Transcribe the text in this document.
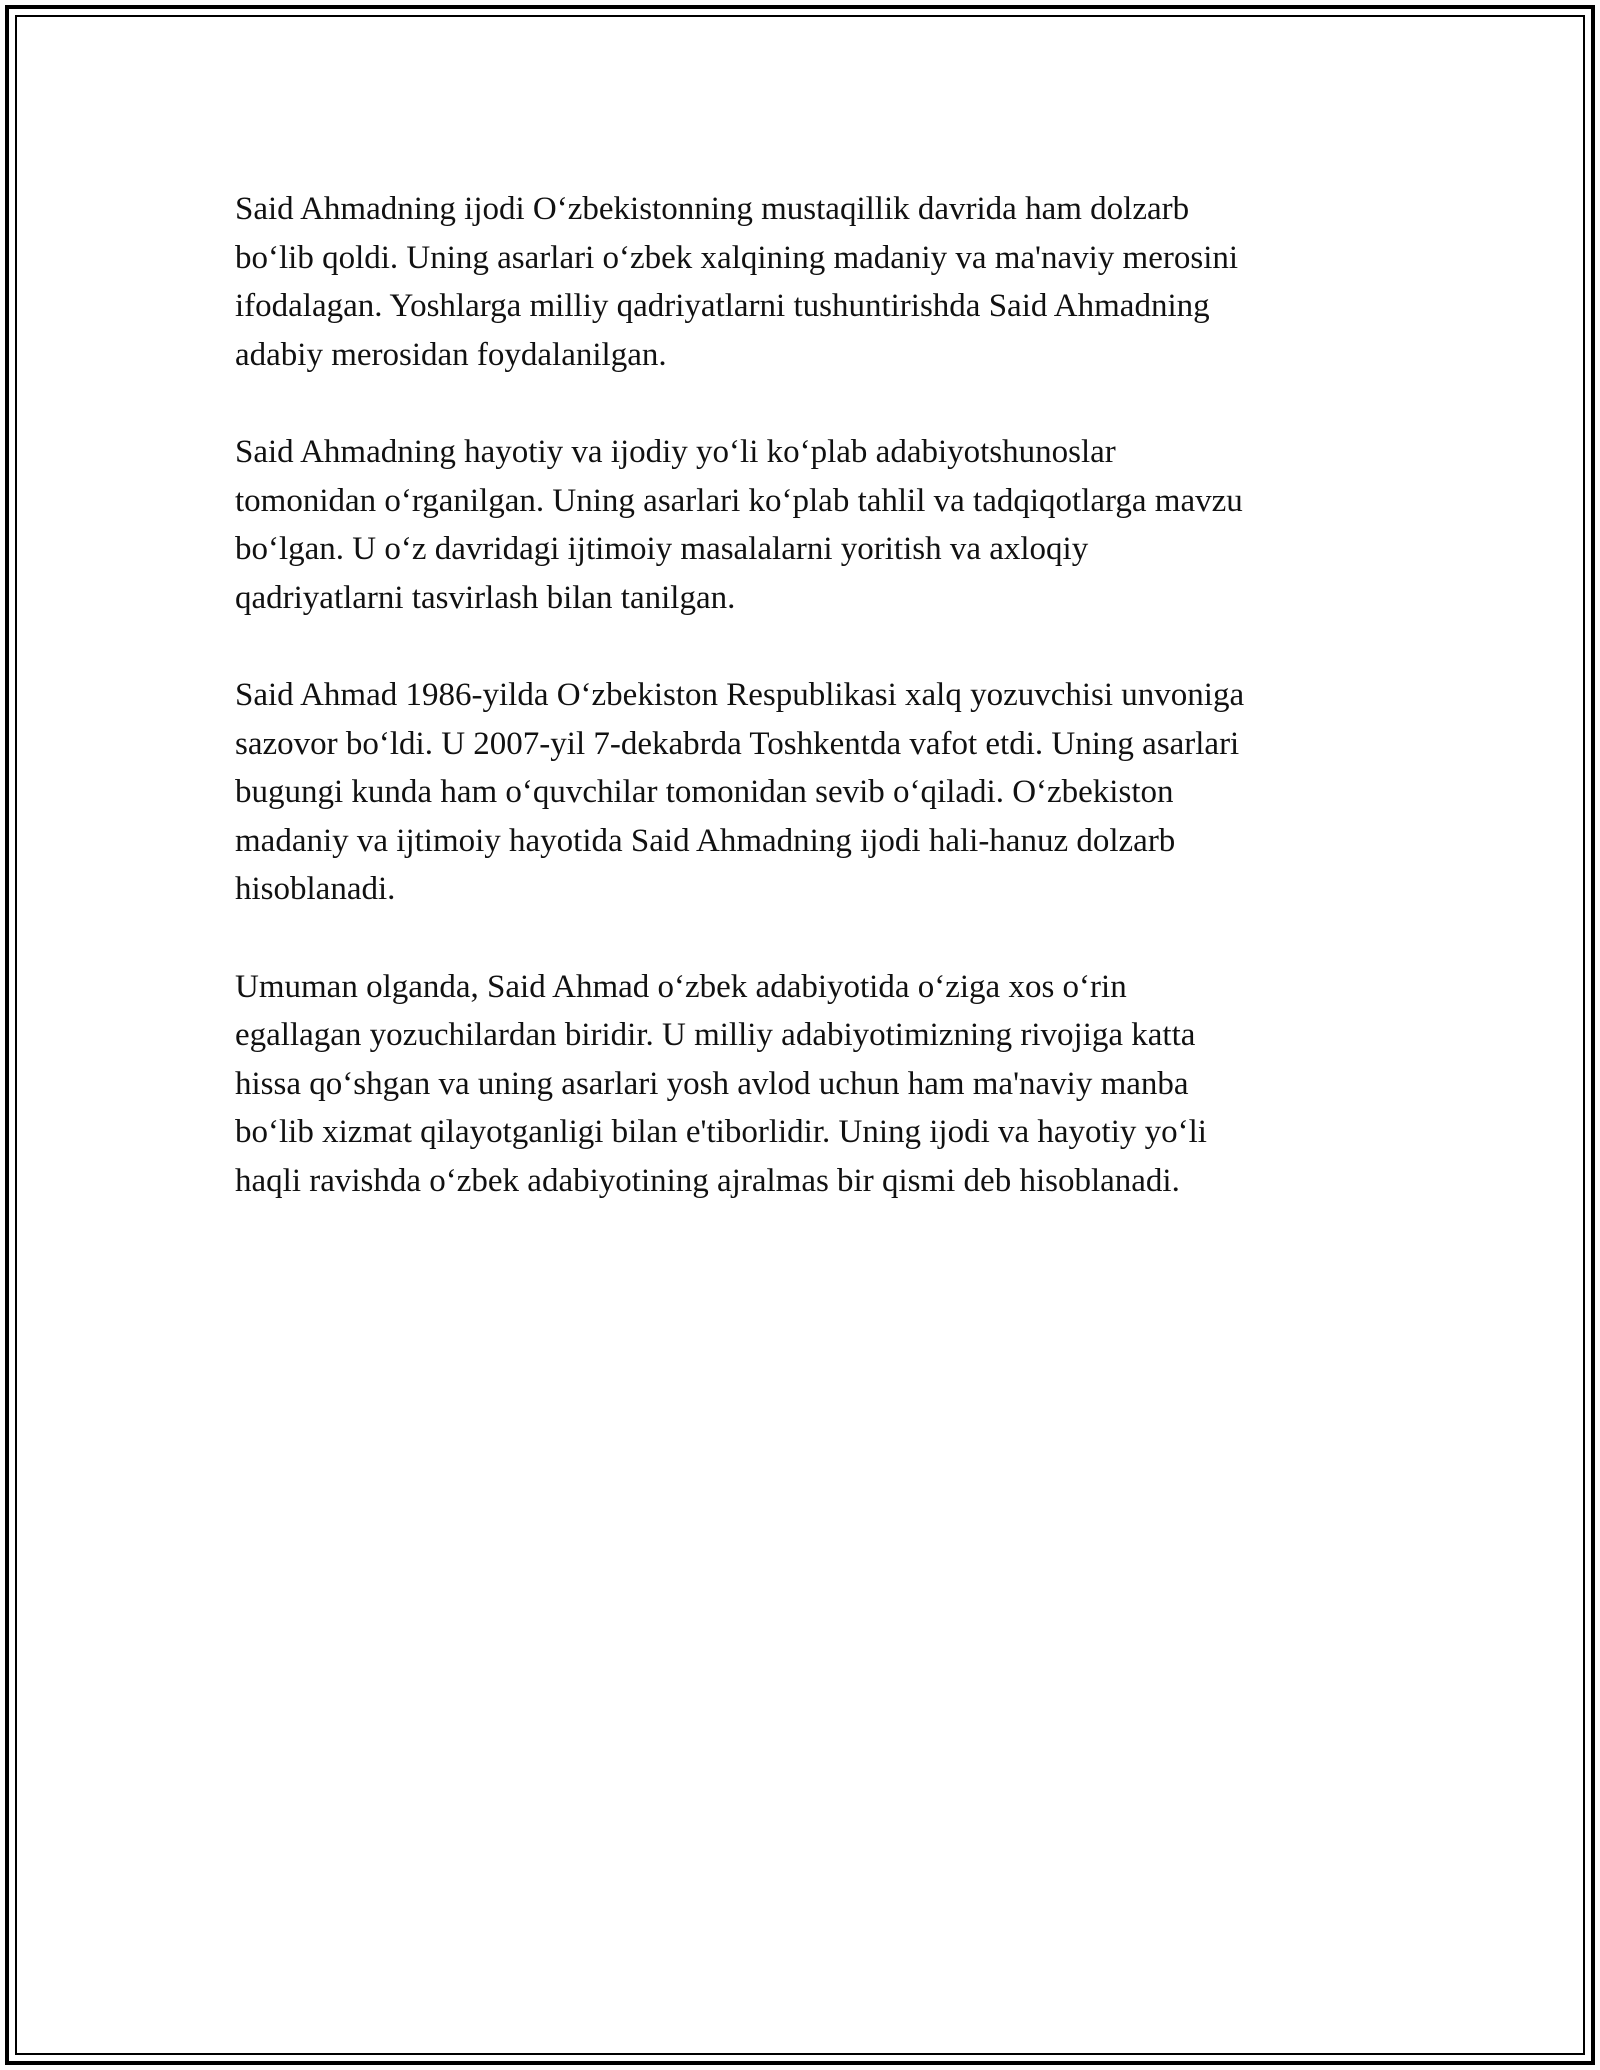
Said Ahmadning ijodi O‘zbekistonning mustaqillik davrida ham dolzarb
bo‘lib qoldi. Uning asarlari o‘zbek xalqining madaniy va ma'naviy merosini
ifodalagan. Yoshlarga milliy qadriyatlarni tushuntirishda Said Ahmadning
adabiy merosidan foydalanilgan.

Said Ahmadning hayotiy va ijodiy yo‘li ko‘plab adabiyotshunoslar
tomonidan o‘rganilgan. Uning asarlari ko‘plab tahlil va tadqiqotlarga mavzu
bo‘lgan. U o‘z davridagi ijtimoiy masalalarni yoritish va axloqiy
qadriyatlarni tasvirlash bilan tanilgan.

Said Ahmad 1986-yilda O‘zbekiston Respublikasi xalq yozuvchisi unvoniga
sazovor bo‘ldi. U 2007-yil 7-dekabrda Toshkentda vafot etdi. Uning asarlari
bugungi kunda ham o‘quvchilar tomonidan sevib o‘qiladi. O‘zbekiston
madaniy va ijtimoiy hayotida Said Ahmadning ijodi hali-hanuz dolzarb
hisoblanadi.

Umuman olganda, Said Ahmad o‘zbek adabiyotida o‘ziga xos o‘rin
egallagan yozuchilardan biridir. U milliy adabiyotimizning rivojiga katta
hissa qo‘shgan va uning asarlari yosh avlod uchun ham ma'naviy manba
bo‘lib xizmat qilayotganligi bilan e'tiborlidir. Uning ijodi va hayotiy yo‘li
haqli ravishda o‘zbek adabiyotining ajralmas bir qismi deb hisoblanadi.
